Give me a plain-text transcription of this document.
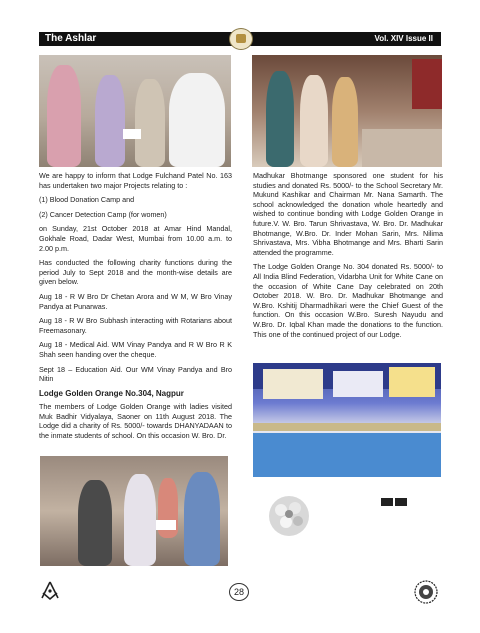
The Ashlar	Vol. XIV Issue II

We are happy to inform that Lodge Fulchand Patel No. 163 has undertaken two major Projects relating to :

(1) Blood Donation Camp and

(2) Cancer Detection Camp (for women)

on Sunday, 21st October 2018 at Amar Hind Mandal, Gokhale Road, Dadar West, Mumbai from 10.00 a.m. to 2.00 p.m.

Has conducted the following charity functions during the period July to Sept 2018 and the month-wise details are given below.

Aug 18 - R W Bro Dr Chetan Arora and W M, W Bro Vinay Pandya at Punarwas.

Aug 18 - R W Bro Subhash interacting with Rotarians about Freemasonary.

Aug 18 - Medical Aid. WM Vinay Pandya and R W Bro R K Shah seen handing over the cheque.

Sept 18 – Education Aid. Our WM Vinay Pandya and Bro Nitin

Lodge Golden Orange No.304, Nagpur

The members of Lodge Golden Orange with ladies visited Muk Badhir Vidyalaya, Saoner on 11th August 2018. The Lodge did a charity of Rs. 5000/- towards DHANYADAAN to the inmate students of school. On this occasion W. Bro. Dr.

Madhukar Bhotmange sponsored one student for his studies and donated Rs. 5000/- to the School Secretary Mr. Mukund Kashikar and Chairman Mr. Nana Samarth. The school acknowledged the donation whole heartedly and wished to continue bonding with Lodge Golden Orange in future.V. W. Bro. Tarun Shrivastava, W. Bro. Dr. Madhukar Bhotmange, W.Bro. Dr. Inder Mohan Sarin, Mrs. Nilima Shrivastava, Mrs. Vibha Bhotmange and Mrs. Bharti Sarin attended the programme.

The Lodge Golden Orange No. 304 donated Rs. 5000/- to All India Blind Federation, Vidarbha Unit for White Cane on the occasion of White Cane Day celebrated on 20th October 2018. W. Bro. Dr. Madhukar Bhotmange and W.Bro. Kshitij Dharmadhikari were the Chief Guest of the function. On this occasion W.Bro. Suresh Nayudu and W.Bro. Dr. Iqbal Khan made the donations to the function. This one of the continued project of our Lodge.

28
